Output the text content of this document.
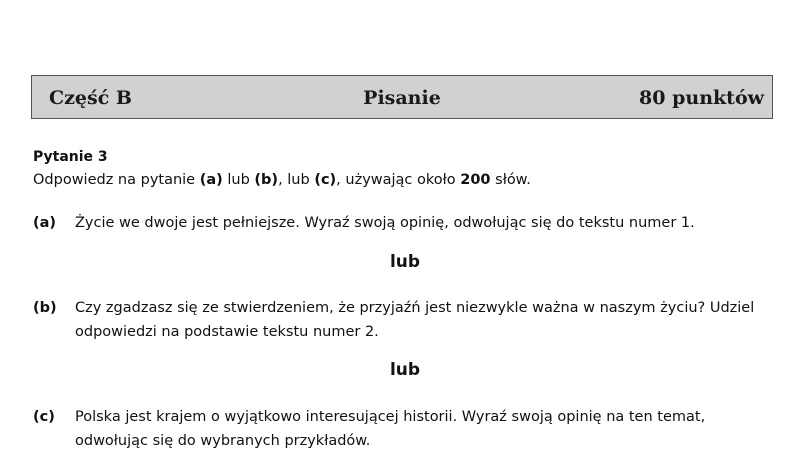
Część B	Pisanie	80 punktów
Pytanie 3
Odpowiedz na pytanie (a) lub (b), lub (c), używając około 200 słów.
(a) Życie we dwoje jest pełniejsze. Wyraź swoją opinię, odwołując się do tekstu numer 1.
lub
(b) Czy zgadzasz się ze stwierdzeniem, że przyjaźń jest niezwykle ważna w naszym życiu? Udziel odpowiedzi na podstawie tekstu numer 2.
lub
(c) Polska jest krajem o wyjątkowo interesującej historii. Wyraź swoją opinię na ten temat, odwołując się do wybranych przykładów.
